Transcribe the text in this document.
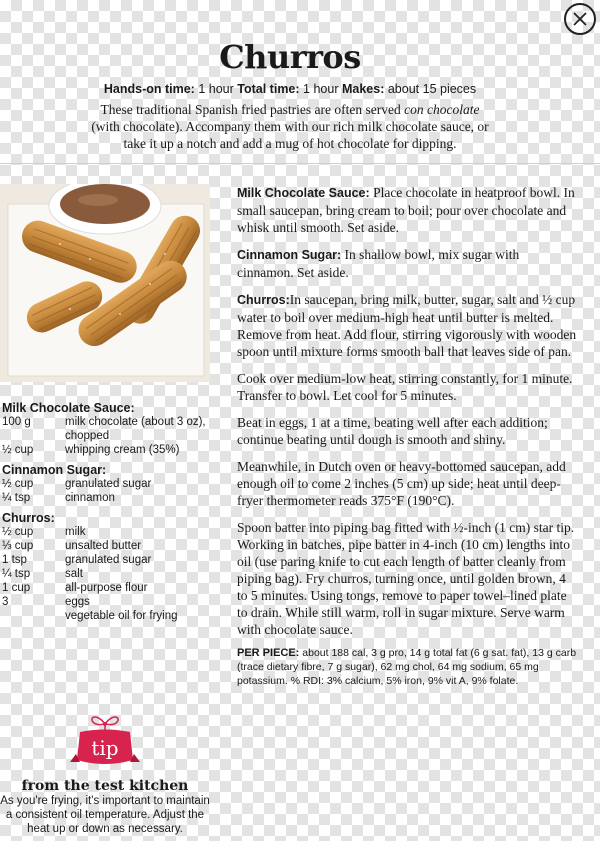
Churros
Hands-on time: 1 hour Total time: 1 hour Makes: about 15 pieces
These traditional Spanish fried pastries are often served con chocolate (with chocolate). Accompany them with our rich milk chocolate sauce, or take it up a notch and add a mug of hot chocolate for dipping.
Milk Chocolate Sauce:
100 g	milk chocolate (about 3 oz), chopped
½ cup	whipping cream (35%)
Cinnamon Sugar:
½ cup	granulated sugar
¼ tsp	cinnamon
Churros:
½ cup	milk
⅓ cup	unsalted butter
1 tsp	granulated sugar
¼ tsp	salt
1 cup	all-purpose flour
3	eggs
vegetable oil for frying

Milk Chocolate Sauce: Place chocolate in heatproof bowl. In small saucepan, bring cream to boil; pour over chocolate and whisk until smooth. Set aside.

Cinnamon Sugar: In shallow bowl, mix sugar with cinnamon. Set aside.

Churros:In saucepan, bring milk, butter, sugar, salt and ½ cup water to boil over medium-high heat until butter is melted. Remove from heat. Add flour, stirring vigorously with wooden spoon until mixture forms smooth ball that leaves side of pan.

Cook over medium-low heat, stirring constantly, for 1 minute. Transfer to bowl. Let cool for 5 minutes.

Beat in eggs, 1 at a time, beating well after each addition; continue beating until dough is smooth and shiny.

Meanwhile, in Dutch oven or heavy-bottomed saucepan, add enough oil to come 2 inches (5 cm) up side; heat until deep-fryer thermometer reads 375°F (190°C).

Spoon batter into piping bag fitted with ½-inch (1 cm) star tip. Working in batches, pipe batter in 4-inch (10 cm) lengths into oil (use paring knife to cut each length of batter cleanly from piping bag). Fry churros, turning once, until golden brown, 4 to 5 minutes. Using tongs, remove to paper towel–lined plate to drain. While still warm, roll in sugar mixture. Serve warm with chocolate sauce.

PER PIECE: about 188 cal, 3 g pro, 14 g total fat (6 g sat. fat), 13 g carb (trace dietary fibre, 7 g sugar), 62 mg chol, 64 mg sodium, 65 mg potassium. % RDI: 3% calcium, 5% iron, 9% vit A, 9% folate.
tip
from the test kitchen
As you're frying, it's important to maintain a consistent oil temperature. Adjust the heat up or down as necessary.
